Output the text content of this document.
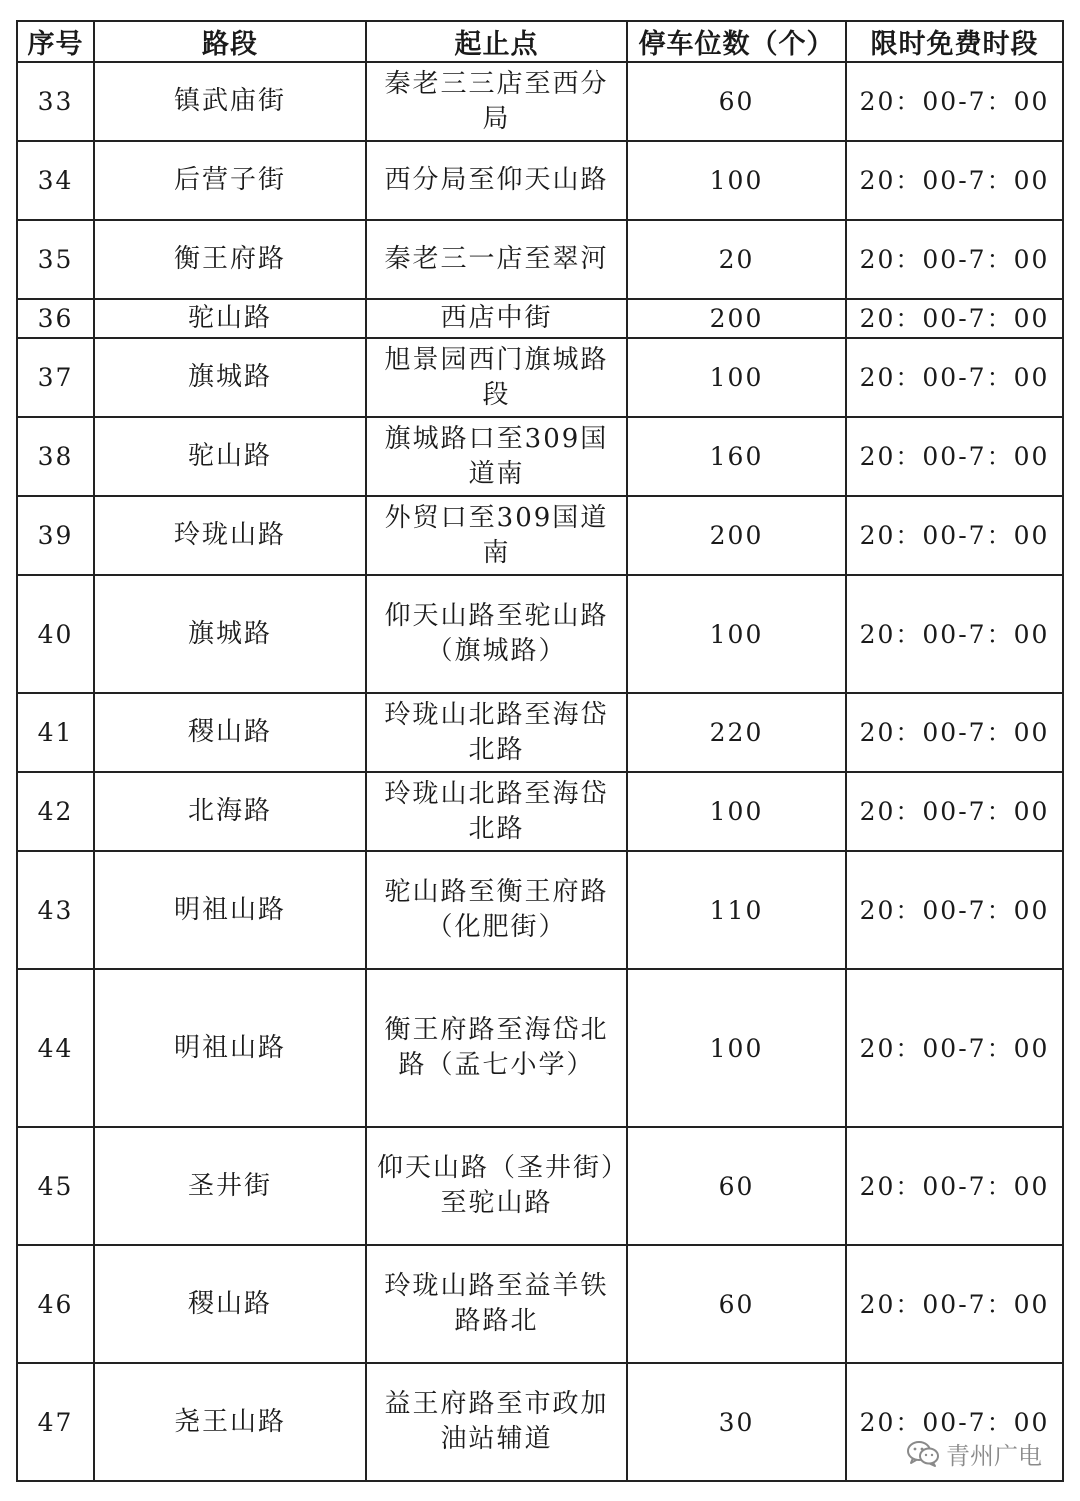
序号	路段	起止点	停车位数（个）	限时免费时段
33	镇武庙街	秦老三三店至西分局	60	20：00-7：00
34	后营子街	西分局至仰天山路	100	20：00-7：00
35	衡王府路	秦老三一店至翠河	20	20：00-7：00
36	驼山路	西店中街	200	20：00-7：00
37	旗城路	旭景园西门旗城路段	100	20：00-7：00
38	驼山路	旗城路口至309国道南	160	20：00-7：00
39	玲珑山路	外贸口至309国道南	200	20：00-7：00
40	旗城路	仰天山路至驼山路（旗城路）	100	20：00-7：00
41	稷山路	玲珑山北路至海岱北路	220	20：00-7：00
42	北海路	玲珑山北路至海岱北路	100	20：00-7：00
43	明祖山路	驼山路至衡王府路（化肥街）	110	20：00-7：00
44	明祖山路	衡王府路至海岱北路（孟七小学）	100	20：00-7：00
45	圣井街	仰天山路（圣井街）至驼山路	60	20：00-7：00
46	稷山路	玲珑山路至益羊铁路路北	60	20：00-7：00
47	尧王山路	益王府路至市政加油站辅道	30	20：00-7：00
青州广电
